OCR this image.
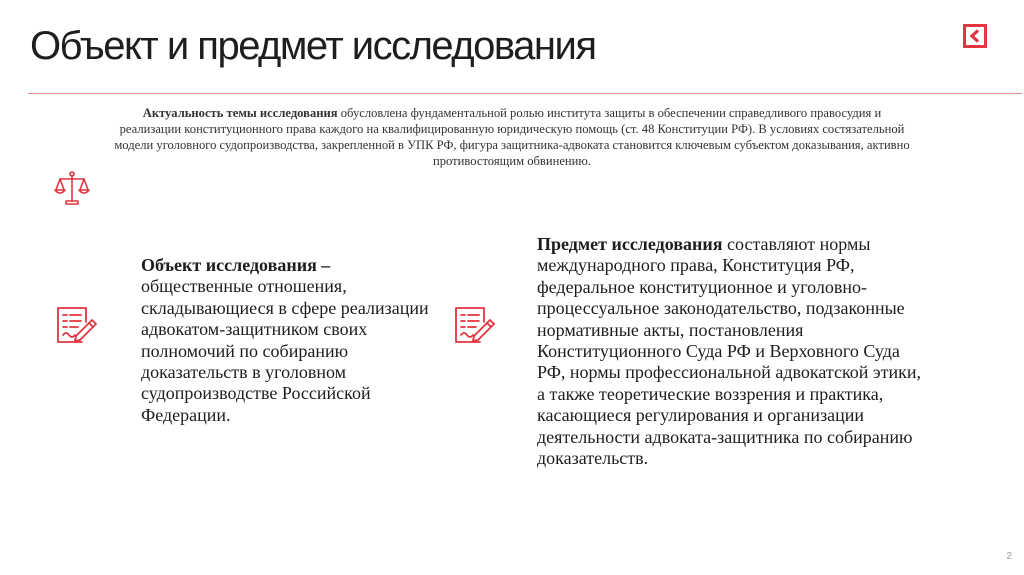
Объект и предмет исследования
Актуальность темы исследования обусловлена фундаментальной ролью института защиты в обеспечении справедливого правосудия и реализации конституционного права каждого на квалифицированную юридическую помощь (ст. 48 Конституции РФ). В условиях состязательной модели уголовного судопроизводства, закрепленной в УПК РФ, фигура защитника-адвоката становится ключевым субъектом доказывания, активно противостоящим обвинению.
Объект исследования – общественные отношения, складывающиеся в сфере реализации адвокатом-защитником своих полномочий по собиранию доказательств в уголовном судопроизводстве Российской Федерации.
Предмет исследования составляют нормы международного права, Конституция РФ, федеральное конституционное и уголовно-процессуальное законодательство, подзаконные нормативные акты, постановления Конституционного Суда РФ и Верховного Суда РФ, нормы профессиональной адвокатской этики, а также теоретические воззрения и практика, касающиеся регулирования и организации деятельности адвоката-защитника по собиранию доказательств.
2
